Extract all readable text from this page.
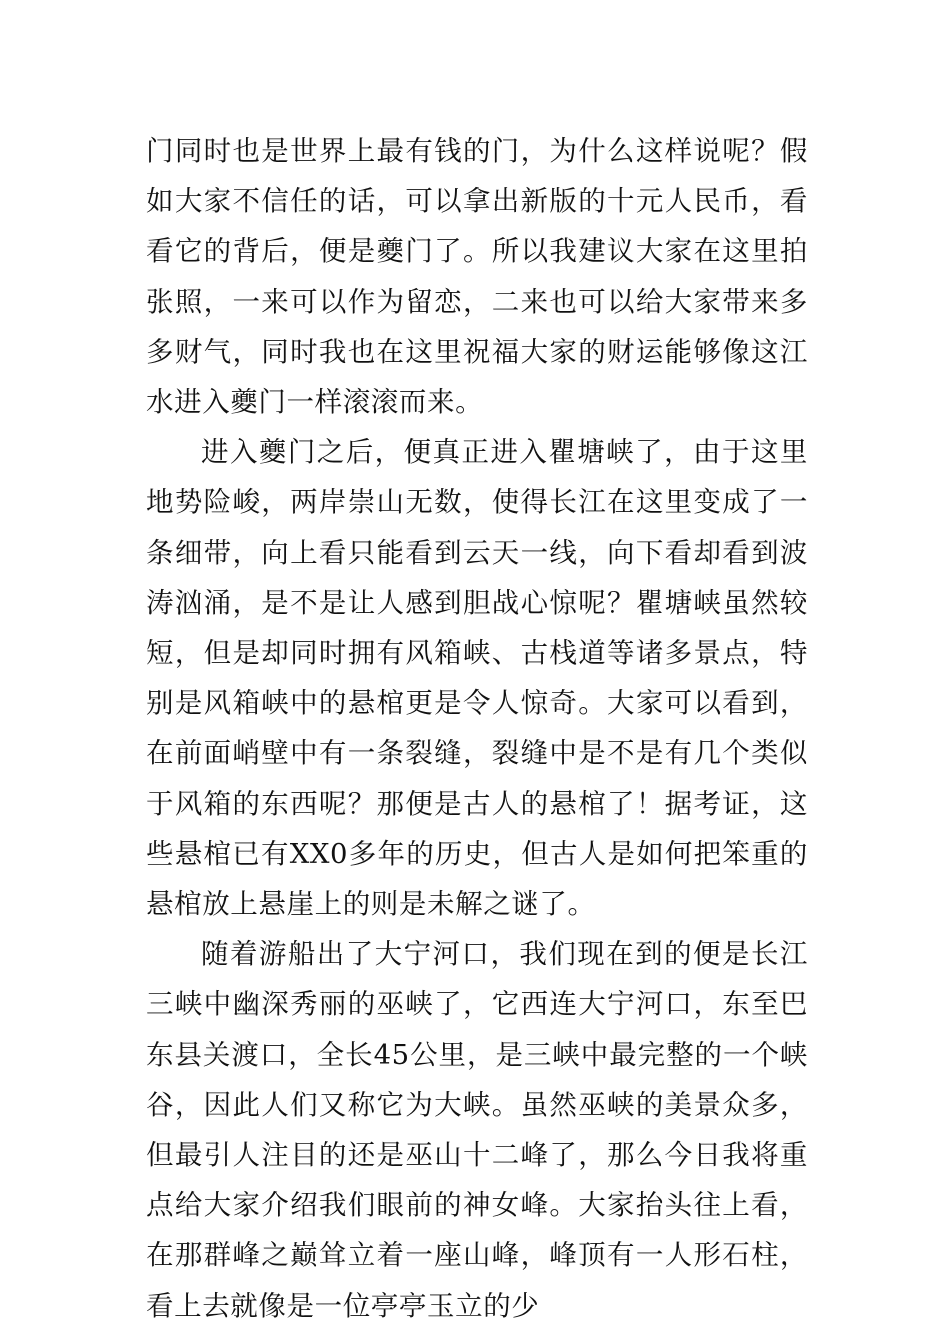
门同时也是世界上最有钱的门，为什么这样说呢？假如大家不信任的话，可以拿出新版的十元人民币，看看它的背后，便是夔门了。所以我建议大家在这里拍张照，一来可以作为留恋，二来也可以给大家带来多多财气，同时我也在这里祝福大家的财运能够像这江水进入夔门一样滚滚而来。

进入夔门之后，便真正进入瞿塘峡了，由于这里地势险峻，两岸崇山无数，使得长江在这里变成了一条细带，向上看只能看到云天一线，向下看却看到波涛汹涌，是不是让人感到胆战心惊呢？瞿塘峡虽然较短，但是却同时拥有风箱峡、古栈道等诸多景点，特别是风箱峡中的悬棺更是令人惊奇。大家可以看到，在前面峭壁中有一条裂缝，裂缝中是不是有几个类似于风箱的东西呢？那便是古人的悬棺了！据考证，这些悬棺已有XX0多年的历史，但古人是如何把笨重的悬棺放上悬崖上的则是未解之谜了。

随着游船出了大宁河口，我们现在到的便是长江三峡中幽深秀丽的巫峡了，它西连大宁河口，东至巴东县关渡口，全长45公里，是三峡中最完整的一个峡谷，因此人们又称它为大峡。虽然巫峡的美景众多，但最引人注目的还是巫山十二峰了，那么今日我将重点给大家介绍我们眼前的神女峰。大家抬头往上看，在那群峰之巅耸立着一座山峰，峰顶有一人形石柱，看上去就像是一位亭亭玉立的少
